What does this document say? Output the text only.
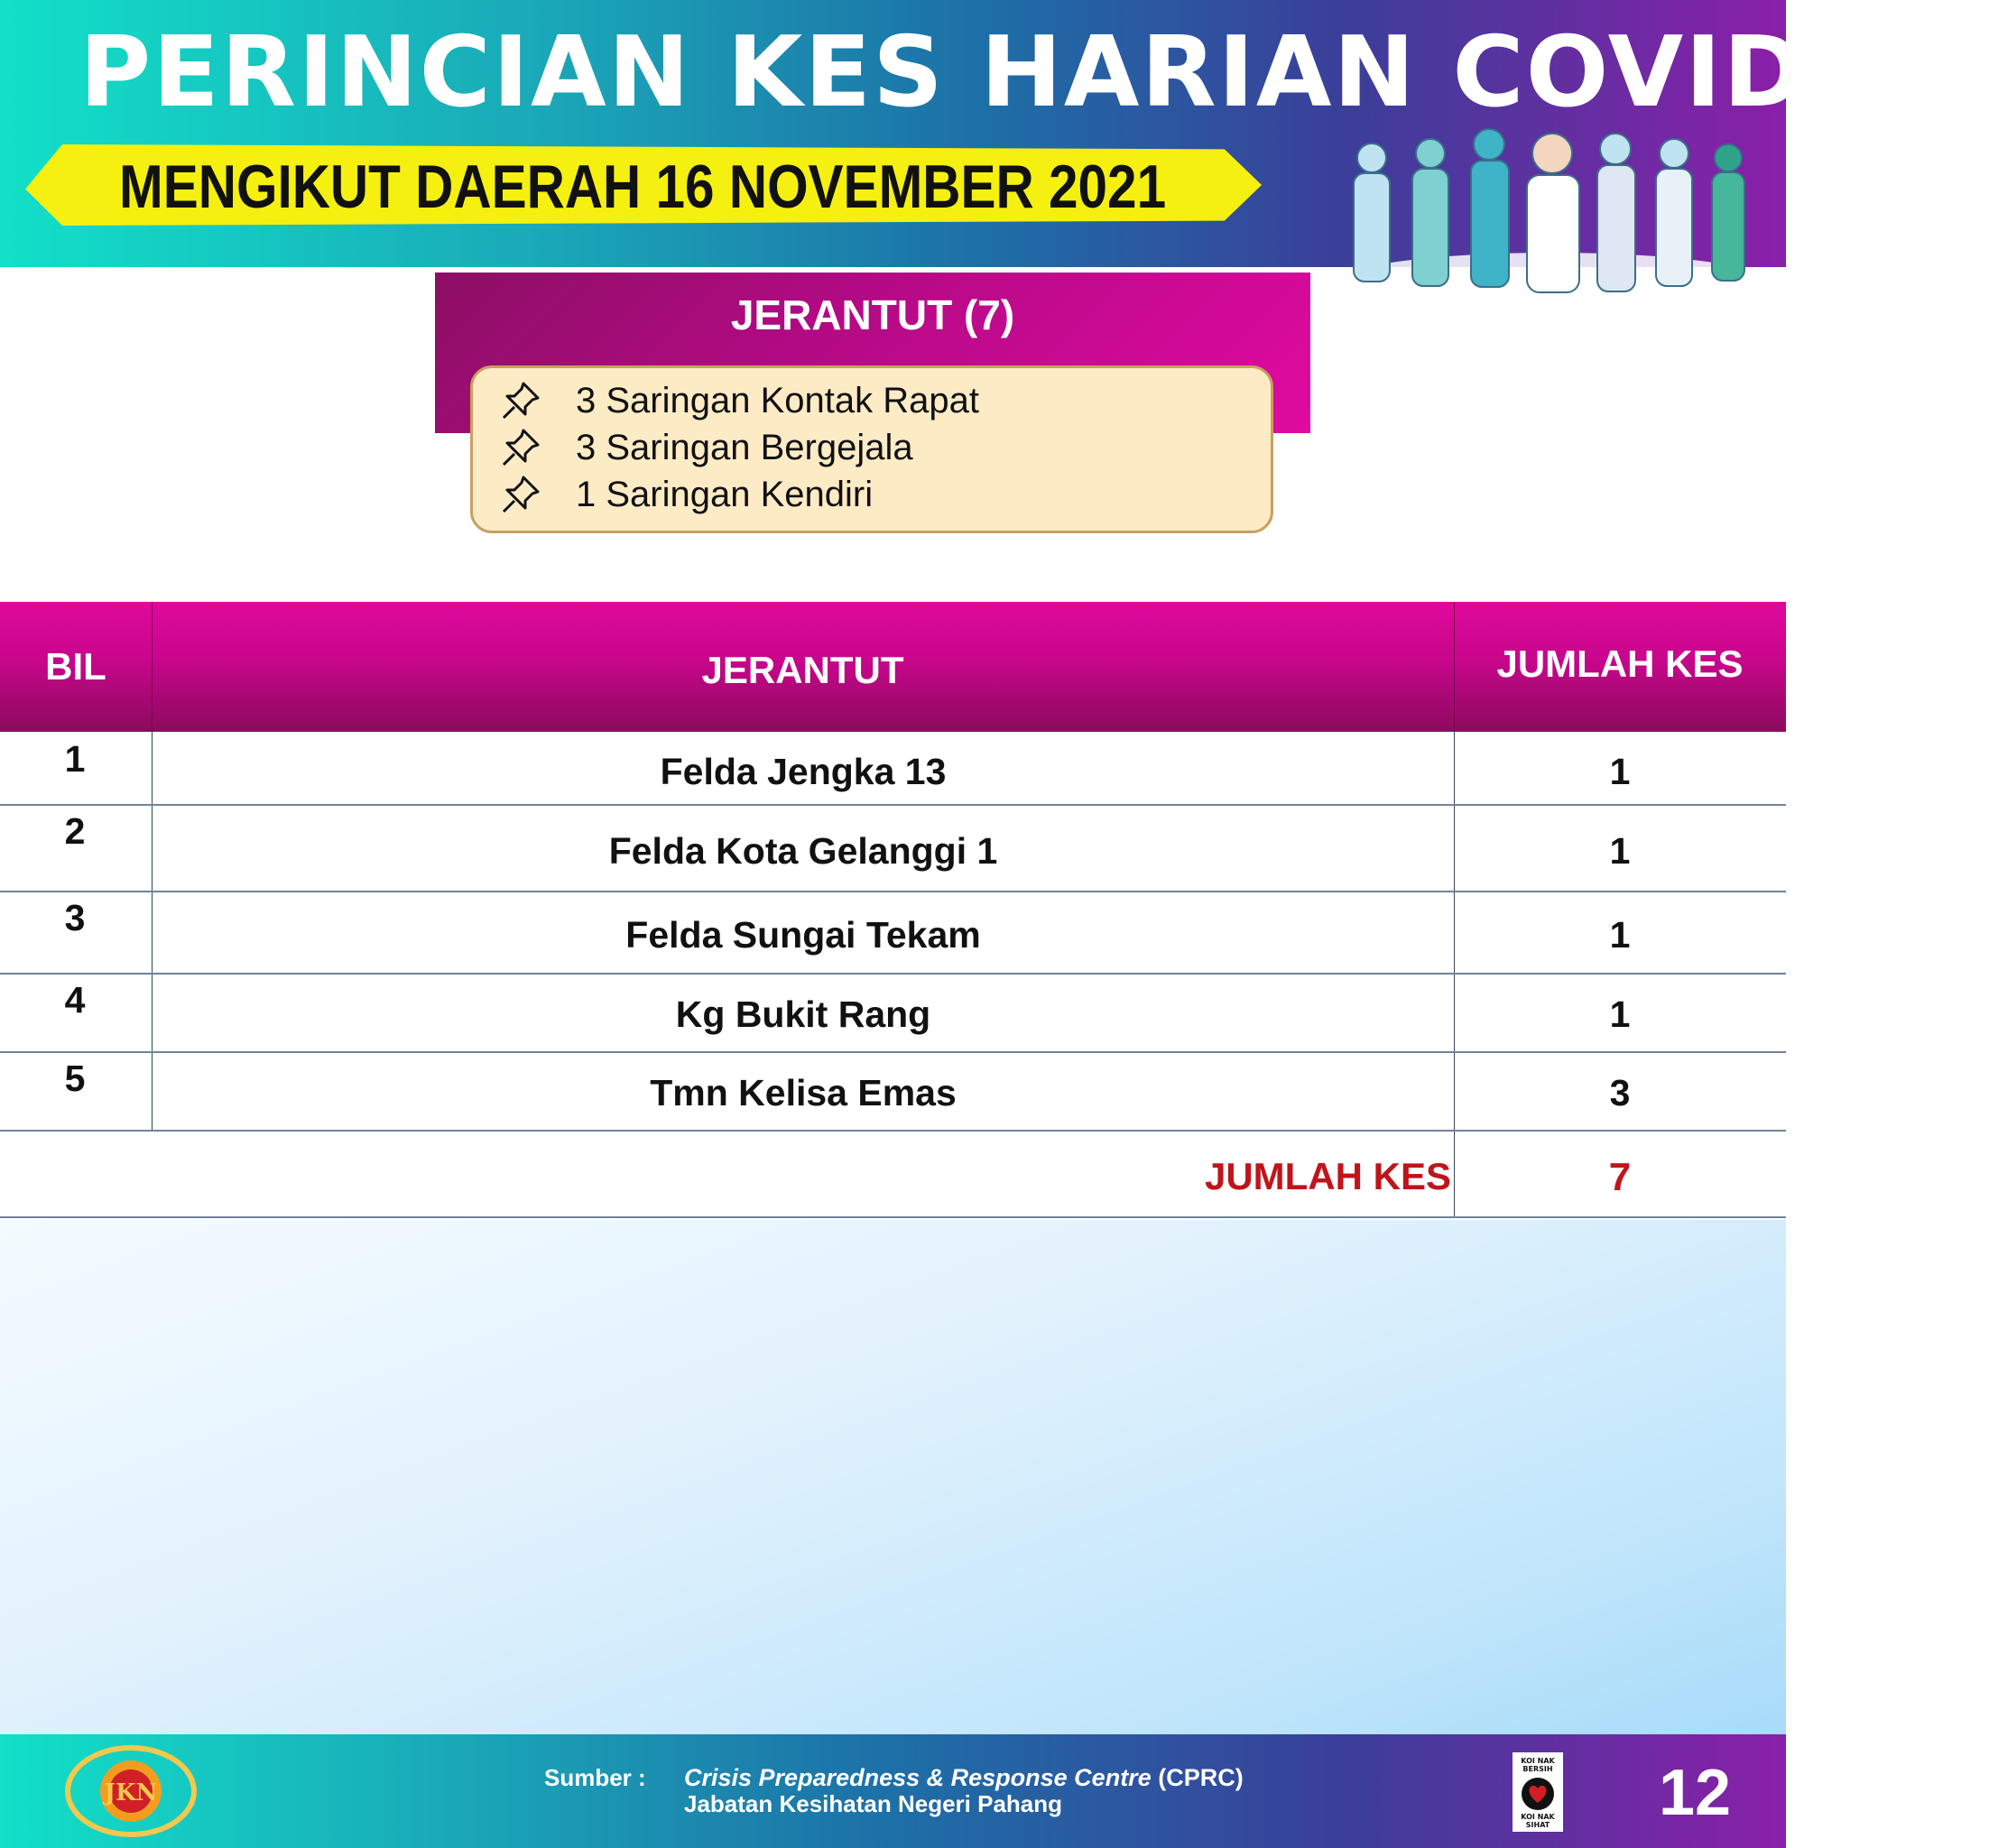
PERINCIAN KES HARIAN COVID-19
MENGIKUT DAERAH 16 NOVEMBER 2021
JERANTUT (7)
3 Saringan Kontak Rapat
3 Saringan Bergejala
1 Saringan Kendiri
BIL	JERANTUT	JUMLAH KES
1	Felda Jengka 13	1
2	Felda Kota Gelanggi 1	1
3	Felda Sungai Tekam	1
4	Kg Bukit Rang	1
5	Tmn Kelisa Emas	3
JUMLAH KES	7
JKN
Sumber : Crisis Preparedness & Response Centre (CPRC)
Jabatan Kesihatan Negeri Pahang
KOI NAK BERSIH
KOI NAK SIHAT 12
